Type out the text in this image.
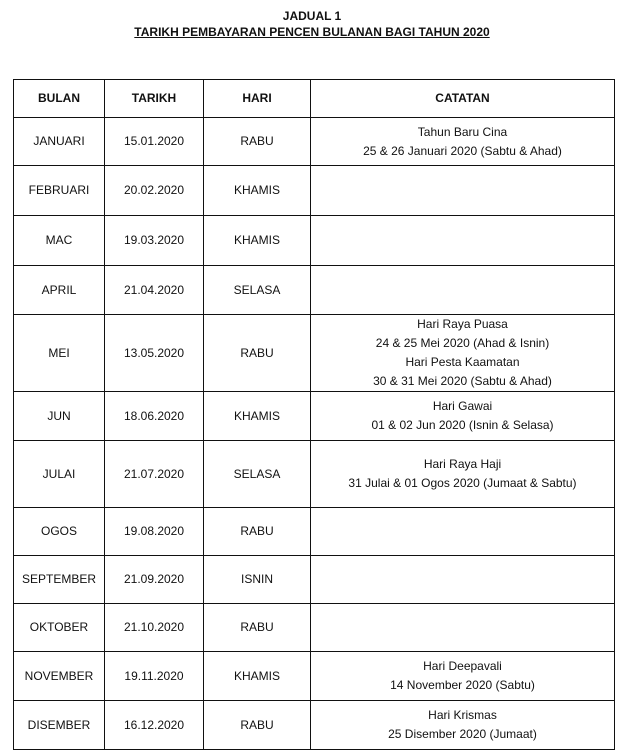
JADUAL 1
TARIKH PEMBAYARAN PENCEN BULANAN BAGI TAHUN 2020
BULAN	TARIKH	HARI	CATATAN
JANUARI	15.01.2020	RABU	Tahun Baru Cina
25 & 26 Januari 2020 (Sabtu & Ahad)

FEBRUARI	20.02.2020	KHAMIS	
MAC	19.03.2020	KHAMIS	
APRIL	21.04.2020	SELASA	
MEI	13.05.2020	RABU	Hari Raya Puasa
24 & 25 Mei 2020 (Ahad & Isnin)
Hari Pesta Kaamatan
30 & 31 Mei 2020 (Sabtu & Ahad)

JUN	18.06.2020	KHAMIS	Hari Gawai
01 & 02 Jun 2020 (Isnin & Selasa)

JULAI	21.07.2020	SELASA	Hari Raya Haji
31 Julai & 01 Ogos 2020 (Jumaat & Sabtu)

OGOS	19.08.2020	RABU	
SEPTEMBER	21.09.2020	ISNIN	
OKTOBER	21.10.2020	RABU	
NOVEMBER	19.11.2020	KHAMIS	Hari Deepavali
14 November 2020 (Sabtu)

DISEMBER	16.12.2020	RABU	Hari Krismas
25 Disember 2020 (Jumaat)
